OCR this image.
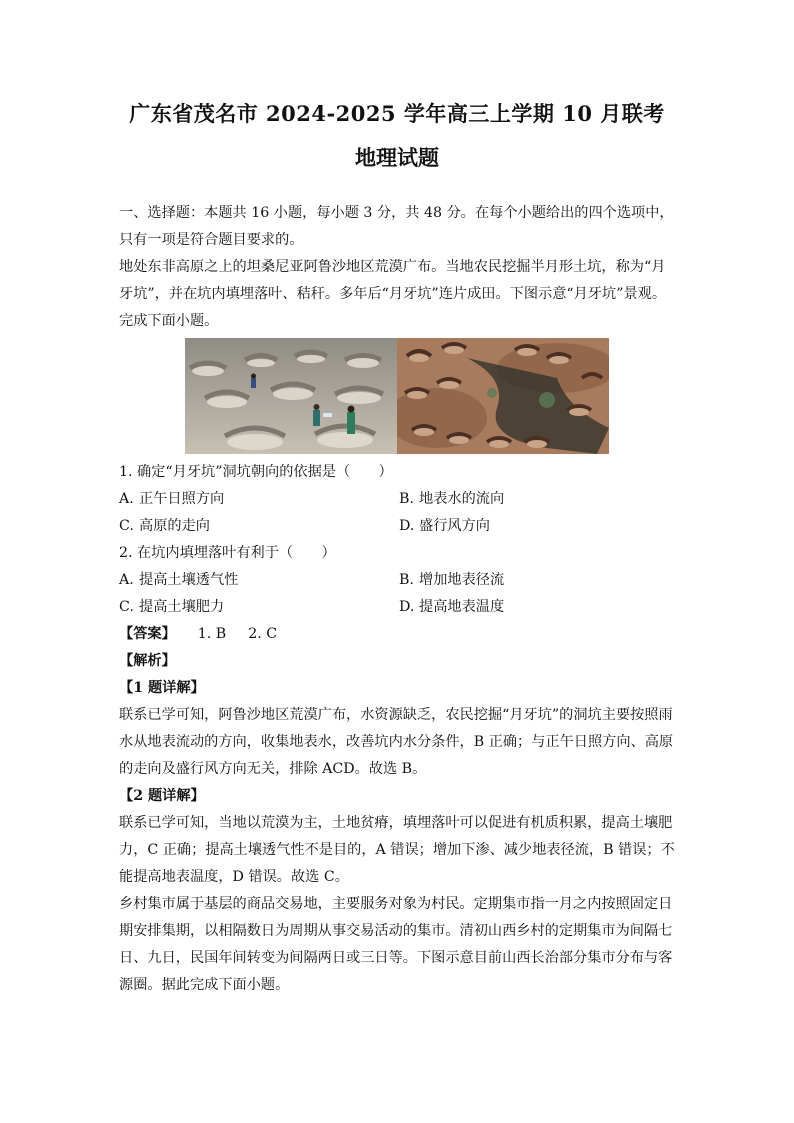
广东省茂名市 2024-2025 学年高三上学期 10 月联考
地理试题

一、选择题：本题共 16 小题，每小题 3 分，共 48 分。在每个小题给出的四个选项中，只有一项是符合题目要求的。

地处东非高原之上的坦桑尼亚阿鲁沙地区荒漠广布。当地农民挖掘半月形土坑，称为“月牙坑”，并在坑内填埋落叶、秸秆。多年后“月牙坑”连片成田。下图示意“月牙坑”景观。完成下面小题。

1. 确定“月牙坑”洞坑朝向的依据是（　　）

A. 正午日照方向	B. 地表水的流向
C. 高原的走向	D. 盛行风方向

2. 在坑内填埋落叶有利于（　　）

A. 提高土壤透气性	B. 增加地表径流
C. 提高土壤肥力	D. 提高地表温度

【答案】 1. B 2. C

【解析】

【1 题详解】

联系已学可知，阿鲁沙地区荒漠广布，水资源缺乏，农民挖掘“月牙坑”的洞坑主要按照雨水从地表流动的方向，收集地表水，改善坑内水分条件，B 正确；与正午日照方向、高原的走向及盛行风方向无关，排除 ACD。故选 B。

【2 题详解】

联系已学可知，当地以荒漠为主，土地贫瘠，填埋落叶可以促进有机质积累，提高土壤肥力，C 正确；提高土壤透气性不是目的，A 错误；增加下渗、减少地表径流，B 错误；不能提高地表温度，D 错误。故选 C。

乡村集市属于基层的商品交易地，主要服务对象为村民。定期集市指一月之内按照固定日期安排集期，以相隔数日为周期从事交易活动的集市。清初山西乡村的定期集市为间隔七日、九日，民国年间转变为间隔两日或三日等。下图示意目前山西长治部分集市分布与客源圈。据此完成下面小题。
